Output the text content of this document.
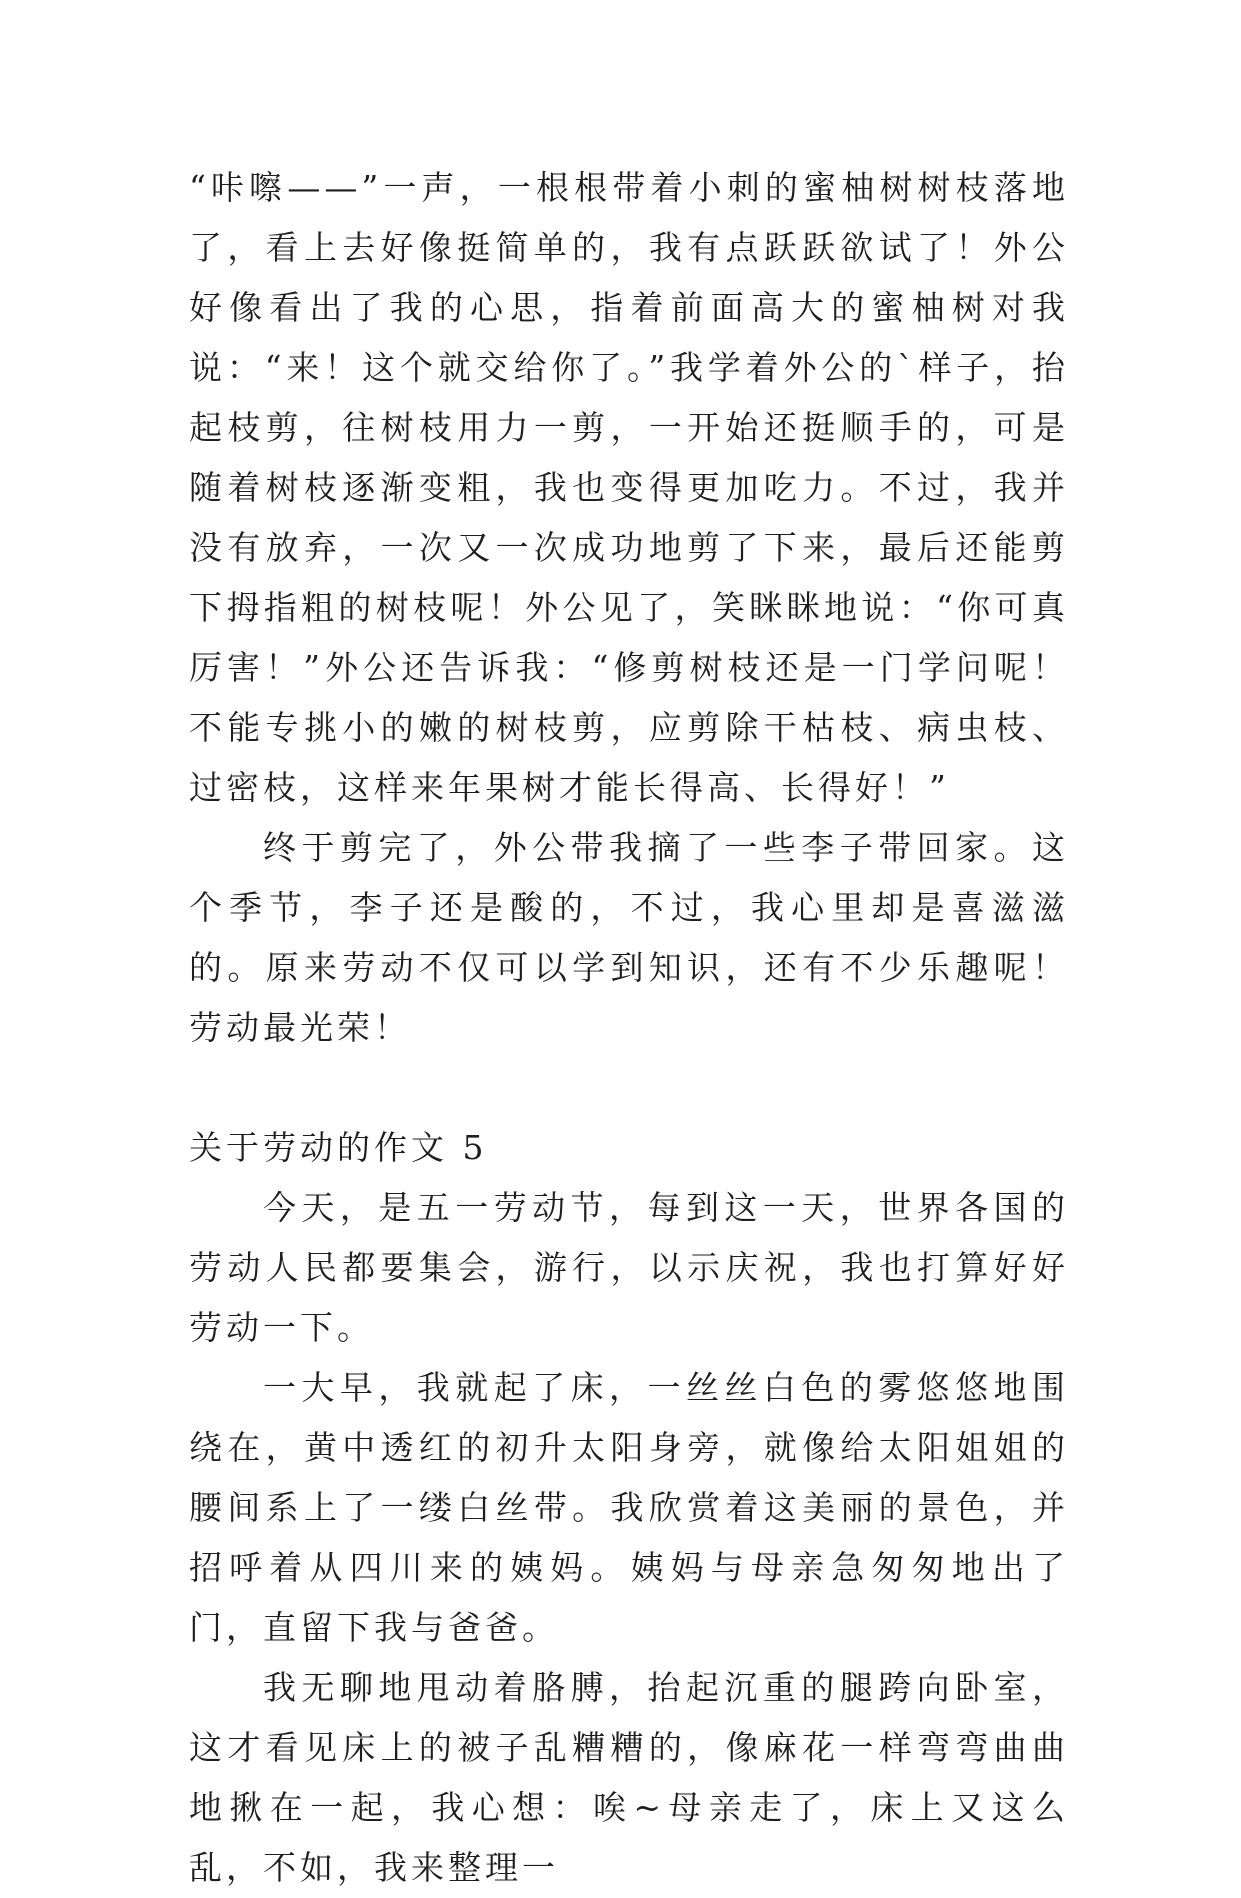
“咔嚓——”一声，一根根带着小刺的蜜柚树树枝落地了，看上去好像挺简单的，我有点跃跃欲试了！外公好像看出了我的心思，指着前面高大的蜜柚树对我说：“来！这个就交给你了。”我学着外公的`样子，抬起枝剪，往树枝用力一剪，一开始还挺顺手的，可是随着树枝逐渐变粗，我也变得更加吃力。不过，我并没有放弃，一次又一次成功地剪了下来，最后还能剪下拇指粗的树枝呢！外公见了，笑眯眯地说：“你可真厉害！”外公还告诉我：“修剪树枝还是一门学问呢！不能专挑小的嫩的树枝剪，应剪除干枯枝、病虫枝、过密枝，这样来年果树才能长得高、长得好！”

终于剪完了，外公带我摘了一些李子带回家。这个季节，李子还是酸的，不过，我心里却是喜滋滋的。原来劳动不仅可以学到知识，还有不少乐趣呢！劳动最光荣！

关于劳动的作文 5

今天，是五一劳动节，每到这一天，世界各国的劳动人民都要集会，游行，以示庆祝，我也打算好好劳动一下。

一大早，我就起了床，一丝丝白色的雾悠悠地围绕在，黄中透红的初升太阳身旁，就像给太阳姐姐的腰间系上了一缕白丝带。我欣赏着这美丽的景色，并招呼着从四川来的姨妈。姨妈与母亲急匆匆地出了门，直留下我与爸爸。

我无聊地甩动着胳膊，抬起沉重的腿跨向卧室，这才看见床上的被子乱糟糟的，像麻花一样弯弯曲曲地揪在一起，我心想：唉~母亲走了，床上又这么乱，不如，我来整理一
